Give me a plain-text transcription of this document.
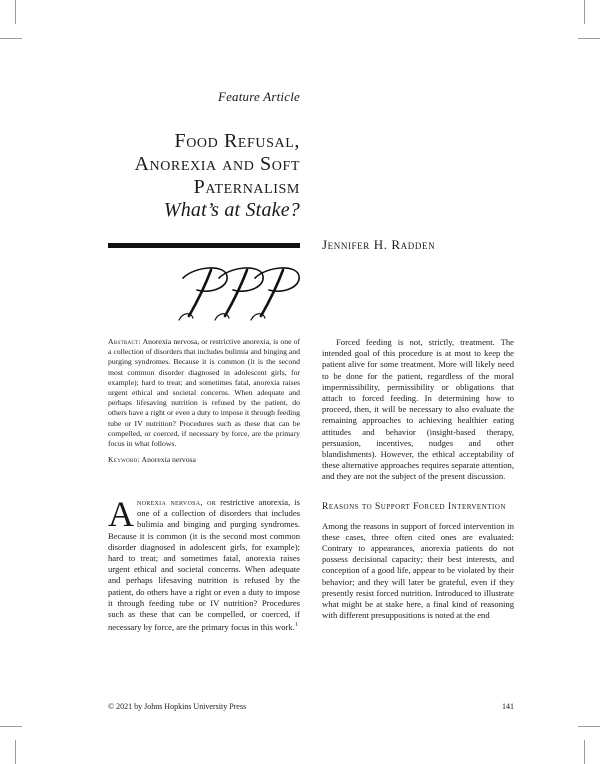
Feature Article
Food Refusal,
Anorexia and Soft
Paternalism
What’s at Stake?
Jennifer H. Radden

Abstract: Anorexia nervosa, or restrictive anorexia, is one of a collection of disorders that includes bulimia and binging and purging syndromes. Because it is common (it is the second most common disorder diagnosed in adolescent girls, for example); hard to treat; and sometimes fatal, anorexia raises urgent ethical and societal concerns. When adequate and perhaps lifesaving nutrition is refused by the patient, do others have a right or even a duty to impose it through feeding tube or IV nutrition? Procedures such as these that can be compelled, or coerced, if necessary by force, are the primary focus in what follows.

Keyword: Anorexia nervosa

Anorexia nervosa, or restrictive anorexia, is one of a collection of disorders that includes bulimia and binging and purging syndromes. Because it is common (it is the second most common disorder diagnosed in adolescent girls, for example); hard to treat; and sometimes fatal, anorexia raises urgent ethical and societal concerns. When adequate and perhaps lifesaving nutrition is refused by the patient, do others have a right or even a duty to impose it through feeding tube or IV nutrition? Procedures such as these that can be compelled, or coerced, if necessary by force, are the primary focus in this work.$^1$

Forced feeding is not, strictly, treatment. The intended goal of this procedure is at most to keep the patient alive for some treatment. More will likely need to be done for the patient, regardless of the moral impermissibility, permissibility or obligations that attach to forced feeding. In determining how to proceed, then, it will be necessary to also evaluate the remaining approaches to achieving healthier eating attitudes and behavior (insight-based therapy, persuasion, incentives, nudges and other blandishments). However, the ethical acceptability of these alternative approaches requires separate attention, and they are not the subject of the present discussion.

Reasons to Support Forced Intervention

Among the reasons in support of forced intervention in these cases, three often cited ones are evaluated: Contrary to appearances, anorexia patients do not possess decisional capacity; their best interests, and conception of a good life, appear to be violated by their behavior; and they will later be grateful, even if they presently resist forced nutrition. Introduced to illustrate what might be at stake here, a final kind of reasoning with different presuppositions is noted at the end

© 2021 by Johns Hopkins University Press	141
